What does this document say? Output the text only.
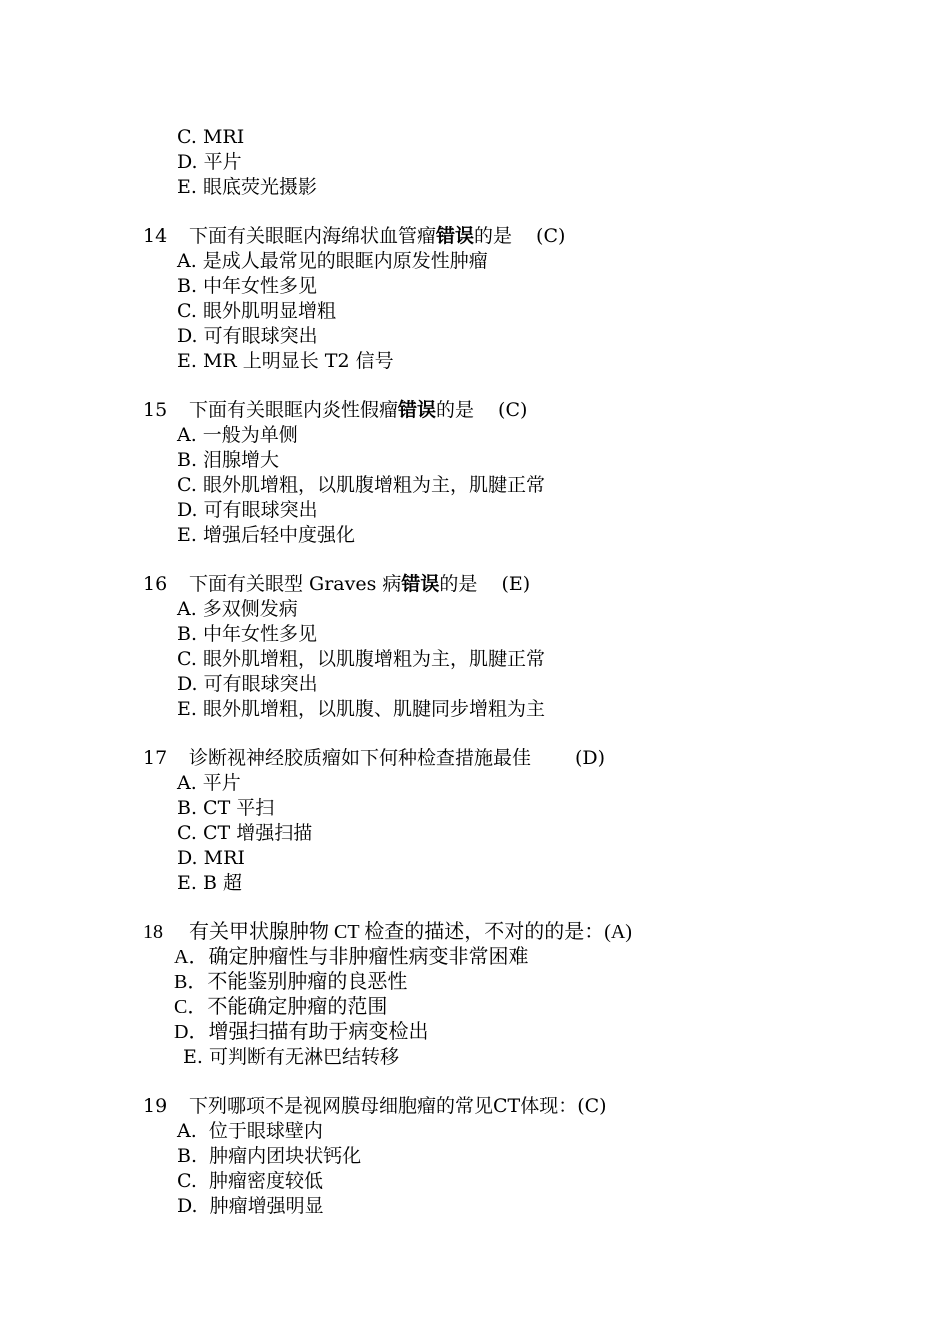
C. MRI
D. 平片
E. 眼底荧光摄影
14 下面有关眼眶内海绵状血管瘤错误的是 (C)
A. 是成人最常见的眼眶内原发性肿瘤
B. 中年女性多见
C. 眼外肌明显增粗
D. 可有眼球突出
E. MR 上明显长 T2 信号
15 下面有关眼眶内炎性假瘤错误的是 (C)
A. 一般为单侧
B. 泪腺增大
C. 眼外肌增粗，以肌腹增粗为主，肌腱正常
D. 可有眼球突出
E. 增强后轻中度强化
16 下面有关眼型 Graves 病错误的是 (E)
A. 多双侧发病
B. 中年女性多见
C. 眼外肌增粗，以肌腹增粗为主，肌腱正常
D. 可有眼球突出
E. 眼外肌增粗，以肌腹、肌腱同步增粗为主
17 诊断视神经胶质瘤如下何种检查措施最佳 (D)
A. 平片
B. CT 平扫
C. CT 增强扫描
D. MRI
E. B 超
18 有关甲状腺肿物 CT 检查的描述，不对的的是：(A)
A．确定肿瘤性与非肿瘤性病变非常困难
B．不能鉴别肿瘤的良恶性
C．不能确定肿瘤的范围
D．增强扫描有助于病变检出
E. 可判断有无淋巴结转移
19 下列哪项不是视网膜母细胞瘤的常见CT体现：(C)
A.  位于眼球壁内
B.  肿瘤内团块状钙化
C.  肿瘤密度较低
D.  肿瘤增强明显
